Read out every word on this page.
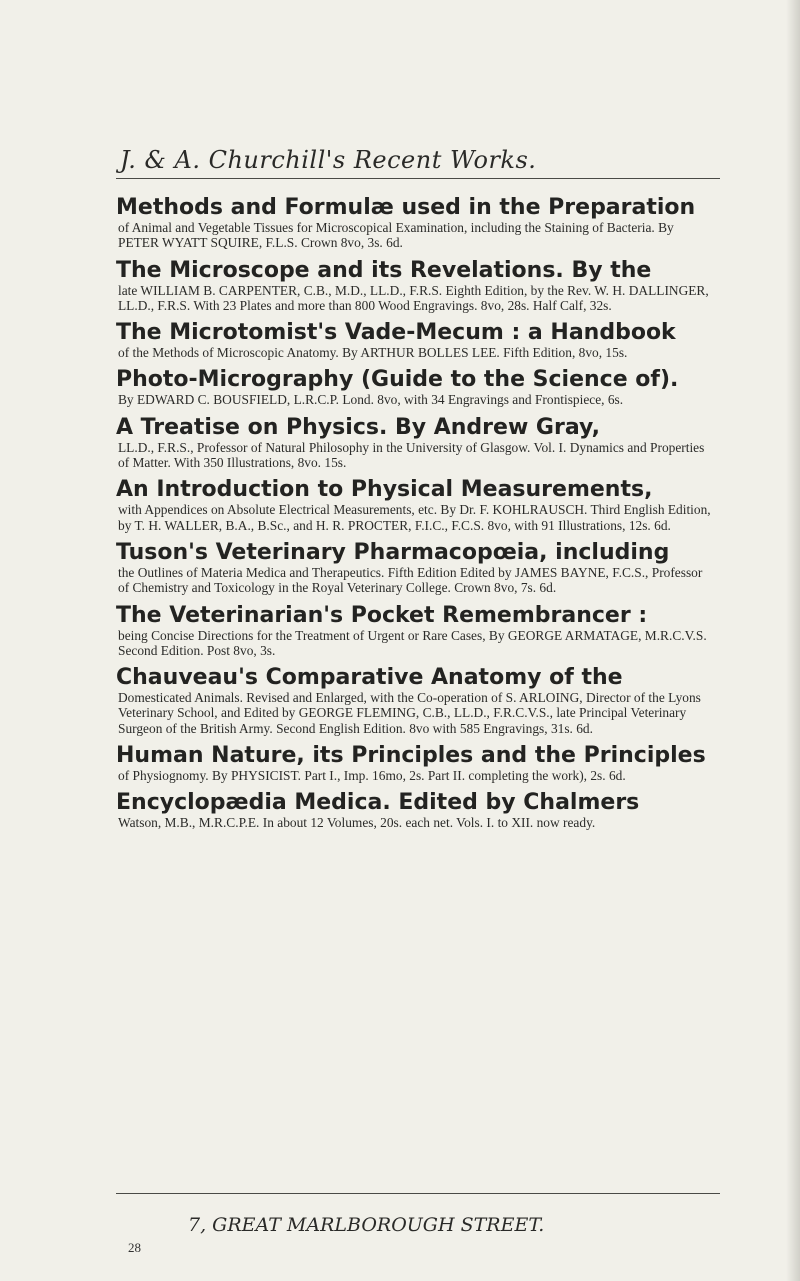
J. & A. Churchill's Recent Works.
Methods and Formulæ used in the Preparation
of Animal and Vegetable Tissues for Microscopical Examination, including the Staining of Bacteria. By PETER WYATT SQUIRE, F.L.S. Crown 8vo, 3s. 6d.
The Microscope and its Revelations. By the
late WILLIAM B. CARPENTER, C.B., M.D., LL.D., F.R.S. Eighth Edition, by the Rev. W. H. DALLINGER, LL.D., F.R.S. With 23 Plates and more than 800 Wood Engravings. 8vo, 28s. Half Calf, 32s.
The Microtomist's Vade-Mecum : a Handbook
of the Methods of Microscopic Anatomy. By ARTHUR BOLLES LEE. Fifth Edition, 8vo, 15s.
Photo-Micrography (Guide to the Science of).
By EDWARD C. BOUSFIELD, L.R.C.P. Lond. 8vo, with 34 Engravings and Frontispiece, 6s.
A Treatise on Physics. By Andrew Gray,
LL.D., F.R.S., Professor of Natural Philosophy in the University of Glasgow. Vol. I. Dynamics and Properties of Matter. With 350 Illustrations, 8vo. 15s.
An Introduction to Physical Measurements,
with Appendices on Absolute Electrical Measurements, etc. By Dr. F. KOHLRAUSCH. Third English Edition, by T. H. WALLER, B.A., B.Sc., and H. R. PROCTER, F.I.C., F.C.S. 8vo, with 91 Illustrations, 12s. 6d.
Tuson's Veterinary Pharmacopœia, including
the Outlines of Materia Medica and Therapeutics. Fifth Edition Edited by JAMES BAYNE, F.C.S., Professor of Chemistry and Toxicology in the Royal Veterinary College. Crown 8vo, 7s. 6d.
The Veterinarian's Pocket Remembrancer :
being Concise Directions for the Treatment of Urgent or Rare Cases, By GEORGE ARMATAGE, M.R.C.V.S. Second Edition. Post 8vo, 3s.
Chauveau's Comparative Anatomy of the
Domesticated Animals. Revised and Enlarged, with the Co-operation of S. ARLOING, Director of the Lyons Veterinary School, and Edited by GEORGE FLEMING, C.B., LL.D., F.R.C.V.S., late Principal Veterinary Surgeon of the British Army. Second English Edition. 8vo with 585 Engravings, 31s. 6d.
Human Nature, its Principles and the Principles
of Physiognomy. By PHYSICIST. Part I., Imp. 16mo, 2s. Part II. completing the work), 2s. 6d.
Encyclopædia Medica. Edited by Chalmers
Watson, M.B., M.R.C.P.E. In about 12 Volumes, 20s. each net. Vols. I. to XII. now ready.
7, GREAT MARLBOROUGH STREET.
28
